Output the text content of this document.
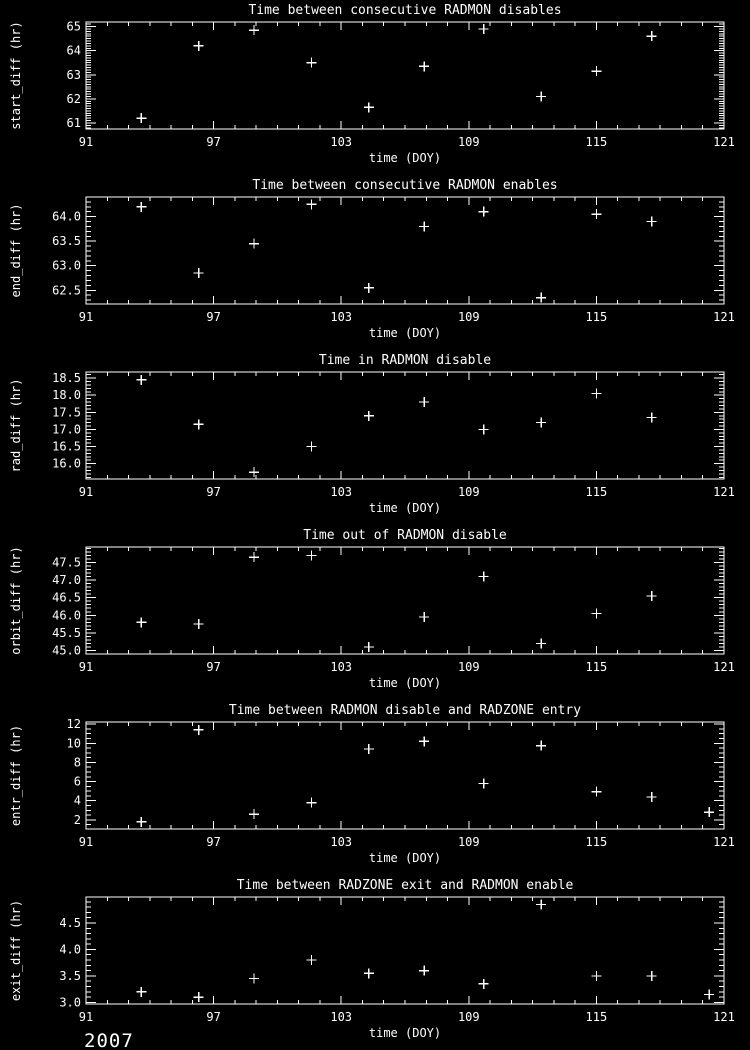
91	97	103	109	115	121
61
62
63
64
65
Time between consecutive RADMON disables
time (DOY)
start_diff (hr)
91	97	103	109	115	121
62.5
63.0
63.5
64.0
Time between consecutive RADMON enables
time (DOY)
end_diff (hr)
91	97	103	109	115	121
16.0
16.5
17.0
17.5
18.0
18.5
Time in RADMON disable
time (DOY)
rad_diff (hr)
91	97	103	109	115	121
45.0
45.5
46.0
46.5
47.0
47.5
Time out of RADMON disable
time (DOY)
orbit_diff (hr)
91	97	103	109	115	121
2
4
6
8
10
12
Time between RADMON disable and RADZONE entry
time (DOY)
entr_diff (hr)
91	97	103	109	115	121
3.0
3.5
4.0
4.5
Time between RADZONE exit and RADMON enable
time (DOY)
exit_diff (hr)
2007
